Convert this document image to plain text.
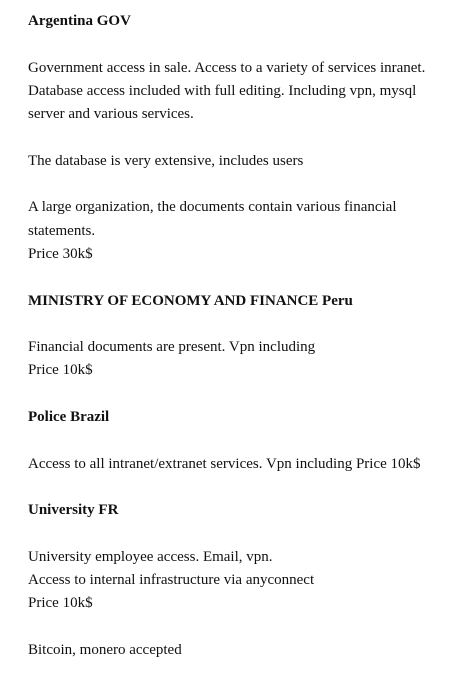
Argentina GOV
Government access in sale. Access to a variety of services inranet.
Database access included with full editing. Including vpn, mysql
server and various services.
The database is very extensive, includes users
A large organization, the documents contain various financial
statements.
Price 30k$
MINISTRY OF ECONOMY AND FINANCE Peru
Financial documents are present. Vpn including
Price 10k$
Police Brazil
Access to all intranet/extranet services. Vpn including Price 10k$
University FR
University employee access. Email, vpn.
Access to internal infrastructure via anyconnect
Price 10k$
Bitcoin, monero accepted
